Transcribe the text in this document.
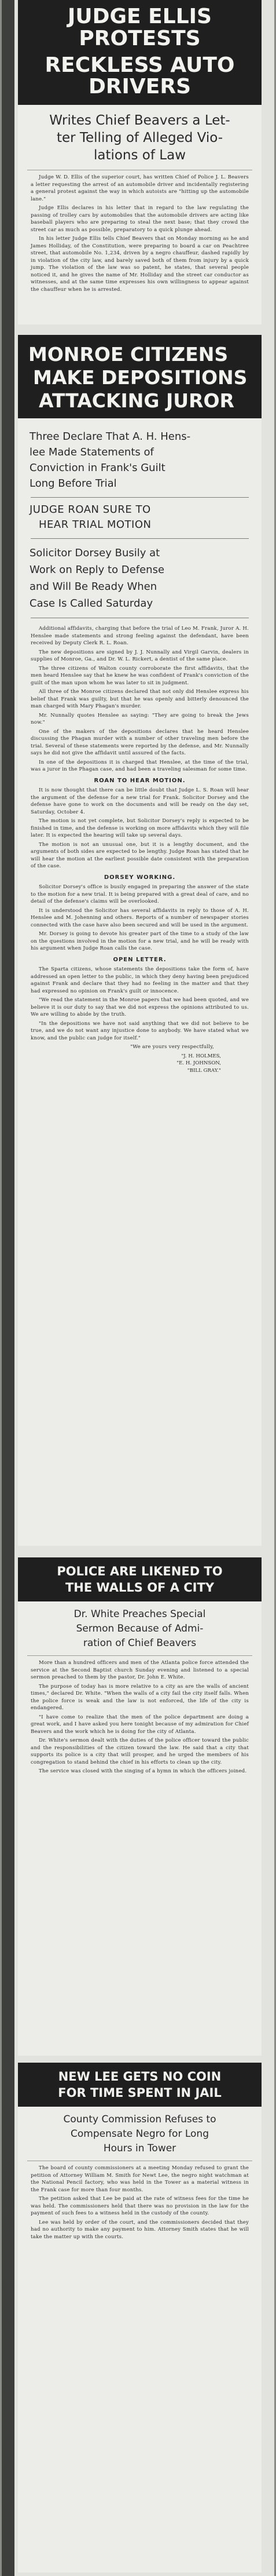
JUDGE ELLIS PROTESTS
RECKLESS AUTO DRIVERS
Writes Chief Beavers a Let-
ter Telling of Alleged Vio-
lations of Law

Judge W. D. Ellis of the superior court, has written Chief of Police J. L. Beavers a letter requesting the arrest of an automobile driver and incidentally registering a general protest against the way in which autoists are "hitting up the automobile lane."

Judge Ellis declares in his letter that in regard to the law regulating the passing of trolley cars by automobiles that the automobile drivers are acting like baseball players who are preparing to steal the next base; that they crowd the street car as much as possible, preparatory to a quick plunge ahead.

In his letter Judge Ellis tells Chief Beavers that on Monday morning as he and James Holliday, of the Constitution, were preparing to board a car on Peachtree street, that automobile No. 1,234, driven by a negro chauffeur, dashed rapidly by in violation of the city law, and barely saved both of them from injury by a quick jump. The violation of the law was so patent, he states, that several people noticed it, and he gives the name of Mr. Holliday and the street car conductor as witnesses, and at the same time expresses his own willingness to appear against the chauffeur when he is arrested.

MONROE CITIZENS
MAKE DEPOSITIONS
ATTACKING JUROR
Three Declare That A. H. Hens-
lee Made Statements of
Conviction in Frank's Guilt
Long Before Trial
JUDGE ROAN SURE TO
HEAR TRIAL MOTION
Solicitor Dorsey Busily at
Work on Reply to Defense
and Will Be Ready When
Case Is Called Saturday

Additional affidavits, charging that before the trial of Leo M. Frank, Juror A. H. Henslee made statements and strong feeling against the defendant, have been received by Deputy Clerk R. L. Roan.

The new depositions are signed by J. J. Nunnally and Virgil Garvin, dealers in supplies of Monroe, Ga., and Dr. W. L. Rickert, a dentist of the same place.

The three citizens of Walton county corroborate the first affidavits, that the men heard Henslee say that he knew he was confident of Frank's conviction of the guilt of the man upon whom he was later to sit in judgment.

All three of the Monroe citizens declared that not only did Henslee express his belief that Frank was guilty, but that he was openly and bitterly denounced the man charged with Mary Phagan's murder.

Mr. Nunnally quotes Henslee as saying: "They are going to break the Jews now."

One of the makers of the depositions declares that he heard Henslee discussing the Phagan murder with a number of other traveling men before the trial. Several of these statements were reported by the defense, and Mr. Nunnally says he did not give the affidavit until assured of the facts.

In one of the depositions it is charged that Henslee, at the time of the trial, was a juror in the Phagan case, and had been a traveling salesman for some time.

ROAN TO HEAR MOTION.

It is now thought that there can be little doubt that Judge L. S. Roan will hear the argument of the defense for a new trial for Frank. Solicitor Dorsey and the defense have gone to work on the documents and will be ready on the day set, Saturday, October 4.

The motion is not yet complete, but Solicitor Dorsey's reply is expected to be finished in time, and the defense is working on more affidavits which they will file later. It is expected the hearing will take up several days.

The motion is not an unusual one, but it is a lengthy document, and the arguments of both sides are expected to be lengthy. Judge Roan has stated that he will hear the motion at the earliest possible date consistent with the preparation of the case.

DORSEY WORKING.

Solicitor Dorsey's office is busily engaged in preparing the answer of the state to the motion for a new trial. It is being prepared with a great deal of care, and no detail of the defense's claims will be overlooked.

It is understood the Solicitor has several affidavits in reply to those of A. H. Henslee and M. Johenning and others. Reports of a number of newspaper stories connected with the case have also been secured and will be used in the argument.

Mr. Dorsey is going to devote his greater part of the time to a study of the law on the questions involved in the motion for a new trial, and he will be ready with his argument when Judge Roan calls the case.

OPEN LETTER.

The Sparta citizens, whose statements the depositions take the form of, have addressed an open letter to the public, in which they deny having been prejudiced against Frank and declare that they had no feeling in the matter and that they had expressed no opinion on Frank's guilt or innocence.

"We read the statement in the Monroe papers that we had been quoted, and we believe it is our duty to say that we did not express the opinions attributed to us. We are willing to abide by the truth.

"In the depositions we have not said anything that we did not believe to be true, and we do not want any injustice done to anybody. We have stated what we know, and the public can judge for itself."

"We are yours very respectfully,

"J. H. HOLMES,
"E. H. JOHNSON,
"BILL GRAY."
POLICE ARE LIKENED TO
THE WALLS OF A CITY
Dr. White Preaches Special
Sermon Because of Admi-
ration of Chief Beavers

More than a hundred officers and men of the Atlanta police force attended the service at the Second Baptist church Sunday evening and listened to a special sermon preached to them by the pastor, Dr. John E. White.

The purpose of today has is more relative to a city as are the walls of ancient times," declared Dr. White. "When the walls of a city fail the city itself falls. When the police force is weak and the law is not enforced, the life of the city is endangered.

"I have come to realize that the men of the police department are doing a great work, and I have asked you here tonight because of my admiration for Chief Beavers and the work which he is doing for the city of Atlanta.

Dr. White's sermon dealt with the duties of the police officer toward the public and the responsibilities of the citizen toward the law. He said that a city that supports its police is a city that will prosper, and he urged the members of his congregation to stand behind the chief in his efforts to clean up the city.

The service was closed with the singing of a hymn in which the officers joined.

NEW LEE GETS NO COIN
FOR TIME SPENT IN JAIL
County Commission Refuses to
Compensate Negro for Long
Hours in Tower

The board of county commissioners at a meeting Monday refused to grant the petition of Attorney William M. Smith for Newt Lee, the negro night watchman at the National Pencil factory, who was held in the Tower as a material witness in the Frank case for more than four months.

The petition asked that Lee be paid at the rate of witness fees for the time he was held. The commissioners held that there was no provision in the law for the payment of such fees to a witness held in the custody of the county.

Lee was held by order of the court, and the commissioners decided that they had no authority to make any payment to him. Attorney Smith states that he will take the matter up with the courts.
